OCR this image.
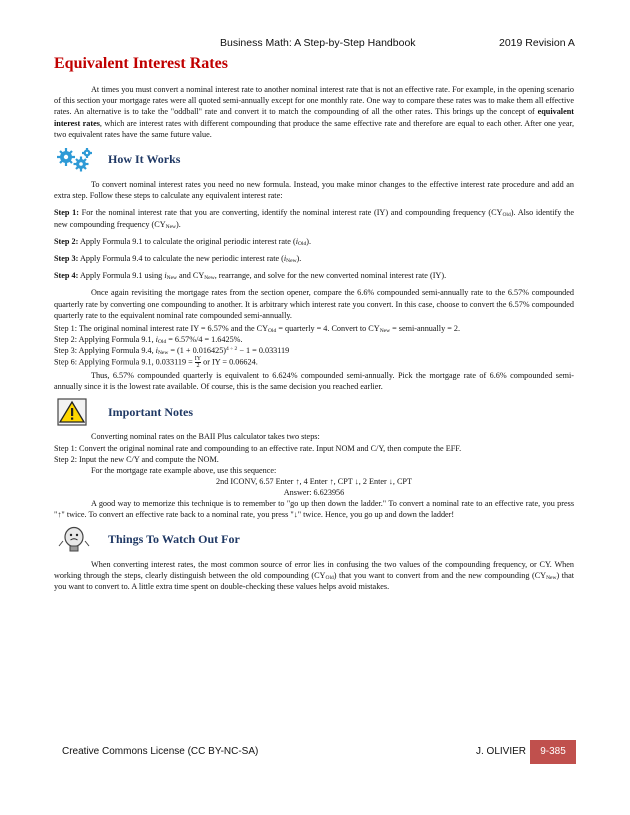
Business Math: A Step-by-Step Handbook	2019 Revision A
Equivalent Interest Rates

At times you must convert a nominal interest rate to another nominal interest rate that is not an effective rate. For example, in the opening scenario of this section your mortgage rates were all quoted semi-annually except for one monthly rate. One way to compare these rates was to make them all effective rates. An alternative is to take the "oddball" rate and convert it to match the compounding of all the other rates. This brings up the concept of equivalent interest rates, which are interest rates with different compounding that produce the same effective rate and therefore are equal to each other. After one year, two equivalent rates have the same future value.

How It Works

To convert nominal interest rates you need no new formula. Instead, you make minor changes to the effective interest rate procedure and add an extra step. Follow these steps to calculate any equivalent interest rate:

Step 1: For the nominal interest rate that you are converting, identify the nominal interest rate (IY) and compounding frequency $(CY_{Old})$. Also identify the new compounding frequency $(CY_{New})$.

Step 2: Apply Formula 9.1 to calculate the original periodic interest rate $(i_{Old})$.

Step 3: Apply Formula 9.4 to calculate the new periodic interest rate $(i_{New})$.

Step 4: Apply Formula 9.1 using $i_{New}$ and $CY_{New}$, rearrange, and solve for the new converted nominal interest rate (IY).

Once again revisiting the mortgage rates from the section opener, compare the 6.6% compounded semi-annually rate to the 6.57% compounded quarterly rate by converting one compounding to another. It is arbitrary which interest rate you convert. In this case, choose to convert the 6.57% compounded quarterly rate to the equivalent nominal rate compounded semi-annually.

Step 1: The original nominal interest rate IY = 6.57% and the $CY_{Old}$ = quarterly = 4. Convert to $CY_{New}$ = semi-annually = 2.

Step 2: Applying Formula 9.1, $i_{Old} = 6.57\%/4 = 1.6425\%$.

Step 3: Applying Formula 9.4, $i_{New} = (1 + 0.016425)^{4 \div 2} - 1 = 0.033119$

Step 6: Applying Formula 9.1, $0.033119 = \frac{IY}{2}$ or IY = 0.06624.

Thus, 6.57% compounded quarterly is equivalent to 6.624% compounded semi-annually. Pick the mortgage rate of 6.6% compounded semi-annually since it is the lowest rate available. Of course, this is the same decision you reached earlier.

Important Notes

Converting nominal rates on the BAII Plus calculator takes two steps:

Step 1: Convert the original nominal rate and compounding to an effective rate. Input NOM and C/Y, then compute the EFF.

Step 2: Input the new C/Y and compute the NOM.

For the mortgage rate example above, use this sequence:

2nd ICONV, 6.57 Enter ↑, 4 Enter ↑, CPT ↓, 2 Enter ↓, CPT

Answer: 6.623956

A good way to memorize this technique is to remember to "go up then down the ladder." To convert a nominal rate to an effective rate, you press "↑" twice. To convert an effective rate back to a nominal rate, you press "↓" twice. Hence, you go up and down the ladder!

Things To Watch Out For

When converting interest rates, the most common source of error lies in confusing the two values of the compounding frequency, or CY. When working through the steps, clearly distinguish between the old compounding $(CY_{Old})$ that you want to convert from and the new compounding $(CY_{New})$ that you want to convert to. A little extra time spent on double-checking these values helps avoid mistakes.

Creative Commons License (CC BY-NC-SA)	J. OLIVIER	9-385
